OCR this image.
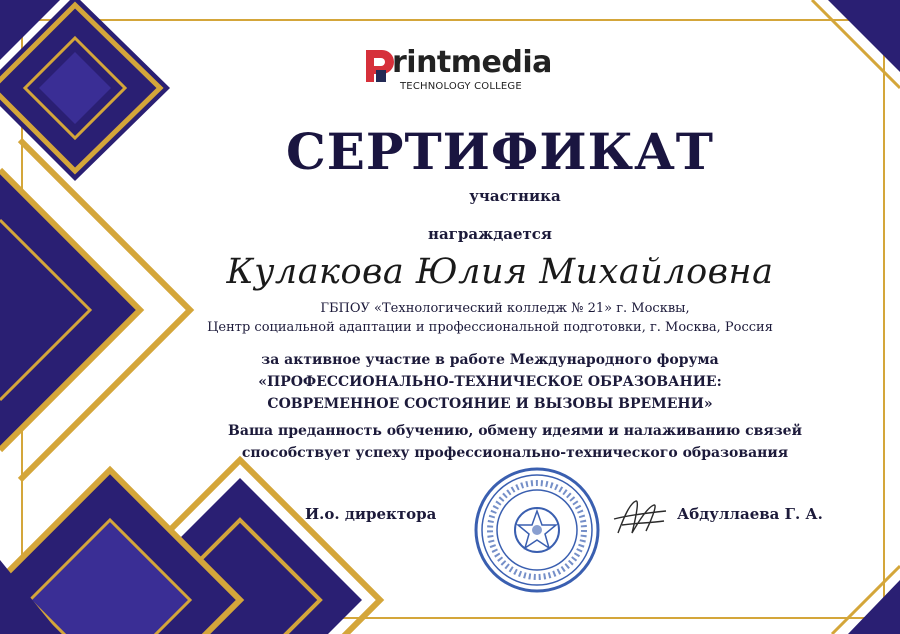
rintmedia
TECHNOLOGY COLLEGE
СЕРТИФИКАТ
участника
награждается
Кулакова Юлия Михайловна
ГБПОУ «Технологический колледж № 21» г. Москвы,
Центр социальной адаптации и профессиональной подготовки, г. Москва, Россия
за активное участие в работе Международного форума
«ПРОФЕССИОНАЛЬНО-ТЕХНИЧЕСКОЕ ОБРАЗОВАНИЕ:
СОВРЕМЕННОЕ СОСТОЯНИЕ И ВЫЗОВЫ ВРЕМЕНИ»
Ваша преданность обучению, обмену идеями и налаживанию связей
способствует успеху профессионально-технического образования
И.о. директора	Абдуллаева Г. А.
